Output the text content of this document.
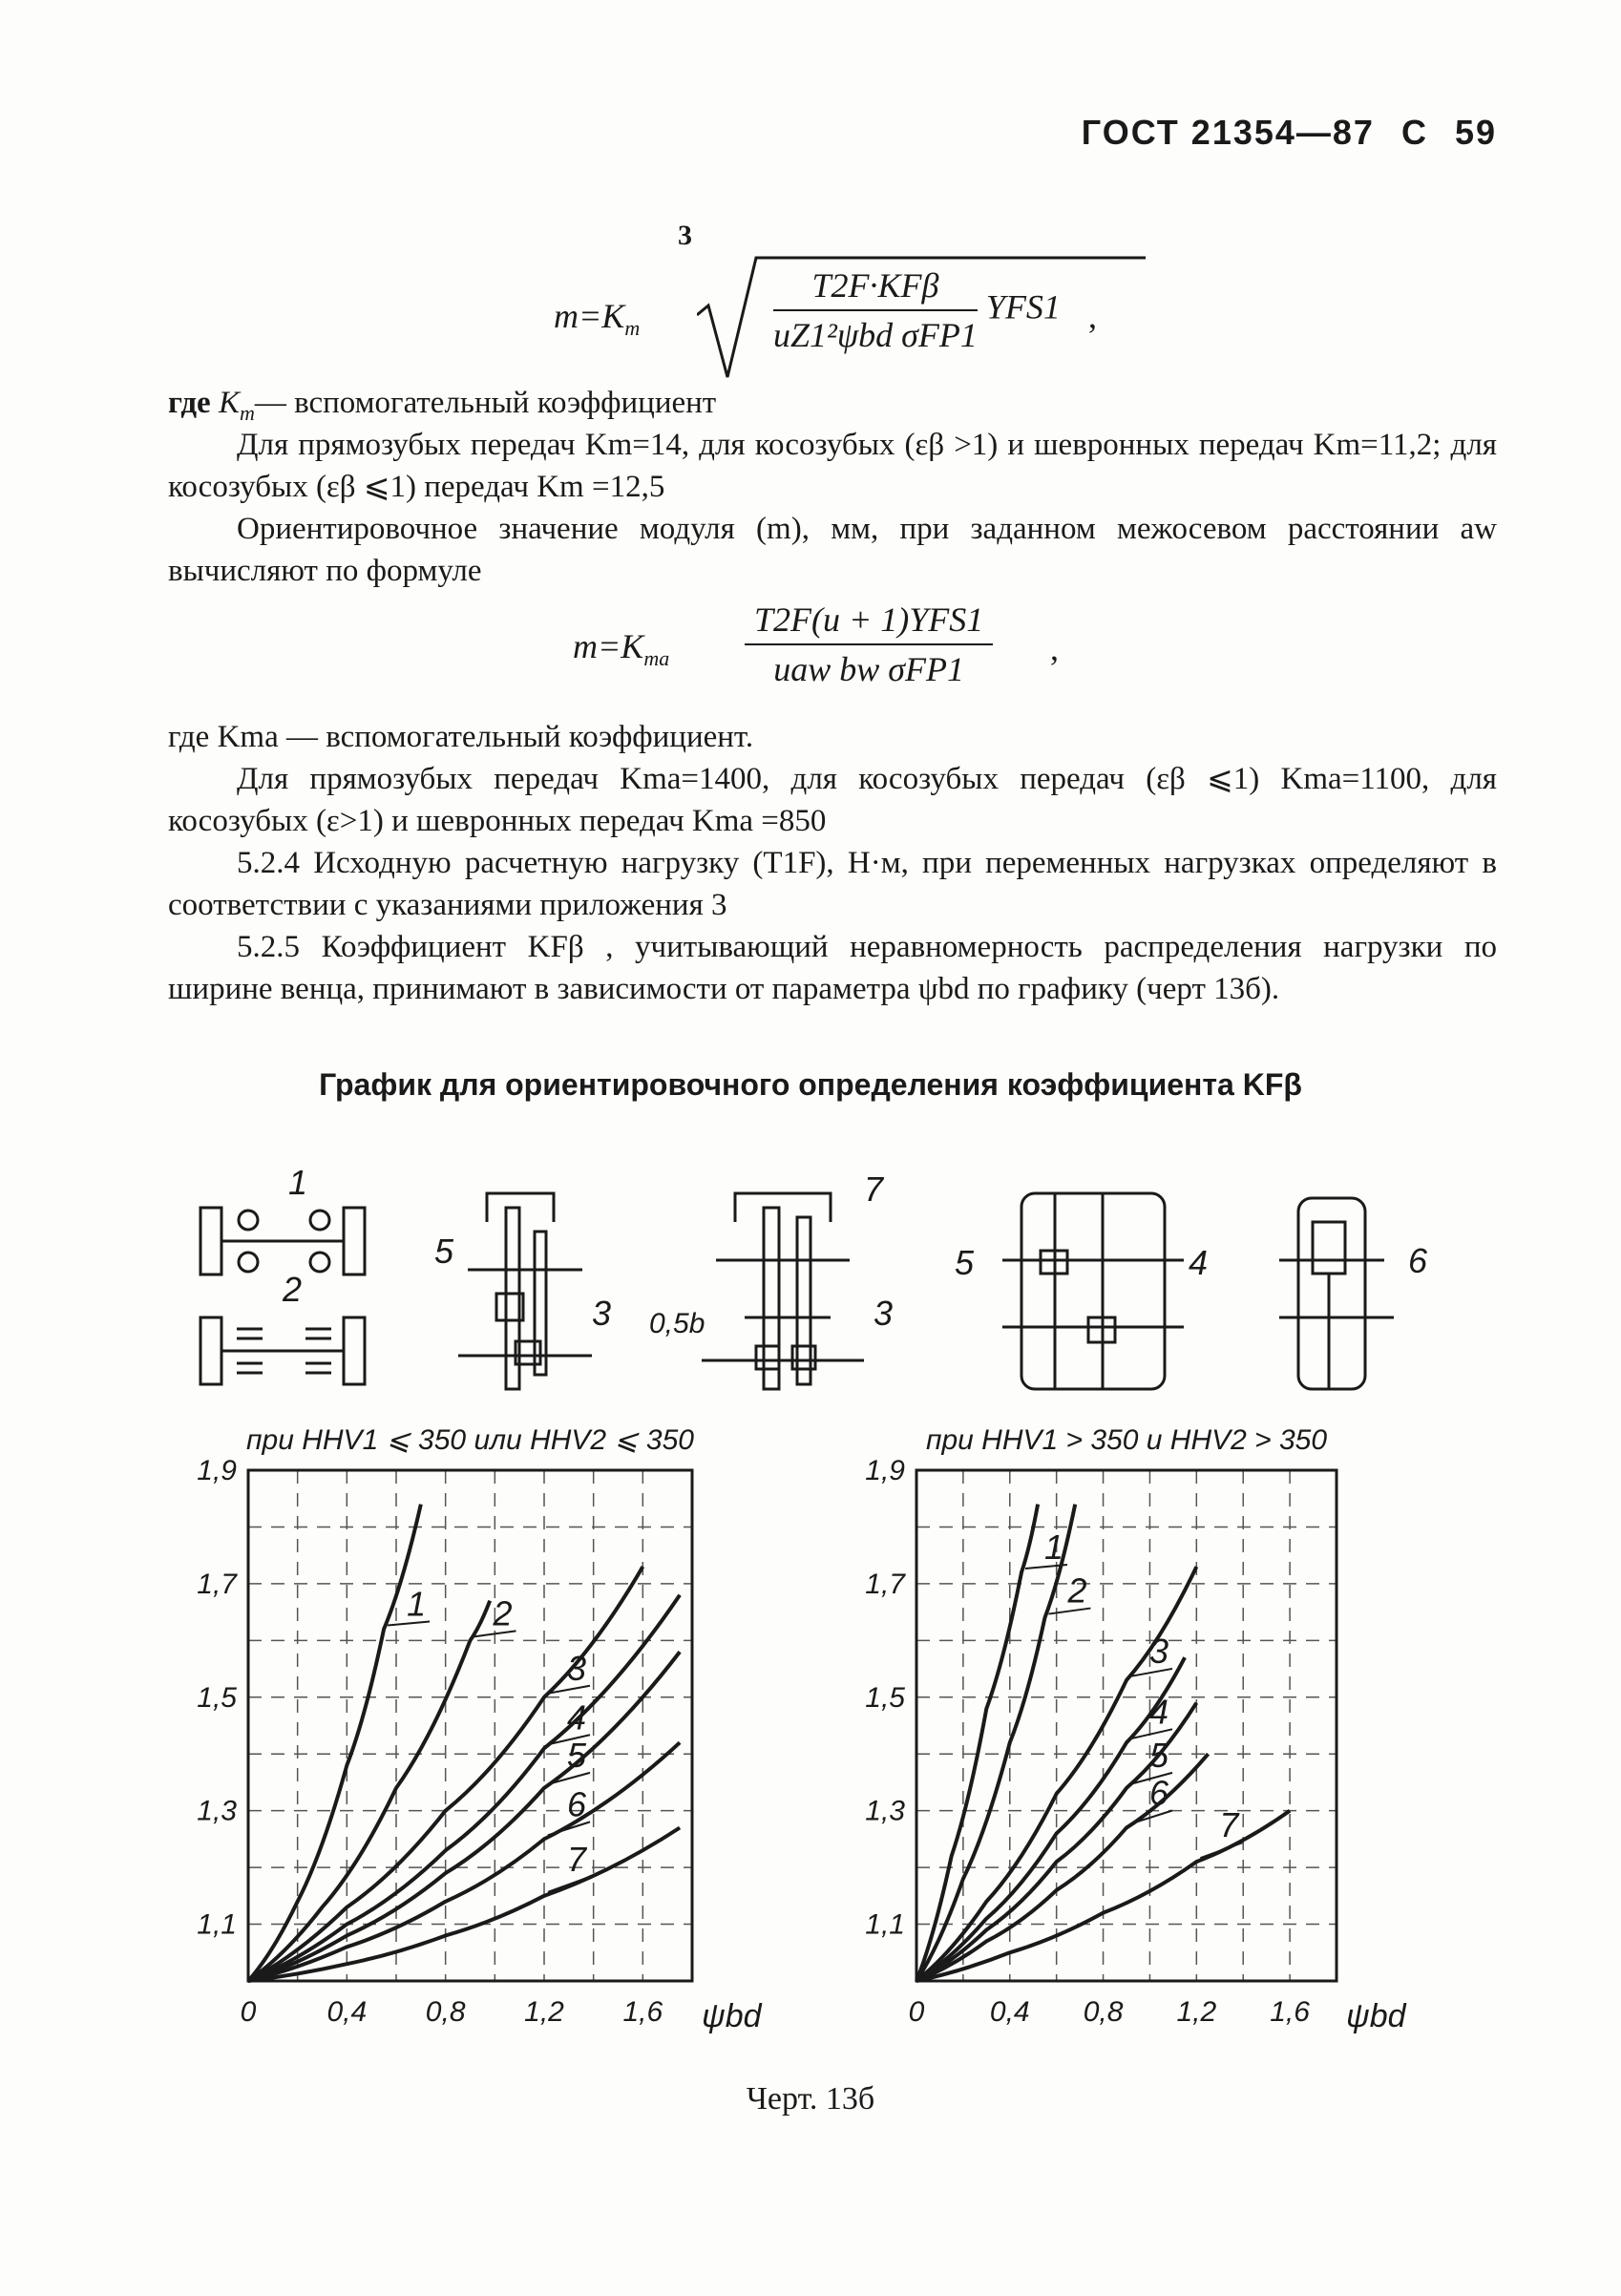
ГОСТ 21354—87 С 59
3
$m=K_m$	$\frac{\text{T2F·KFβ}}{\text{uZ1²ψbd σFP1}} YFS1$ ,
где $K_m—$ вспомогательный коэффициент
Для прямозубых передач Km=14, для косозубых (εβ >1) и шевронных передач Km=11,2; для косозубых (εβ ⩽1) передач Km =12,5
Ориентировочное значение модуля (m), мм, при заданном межосевом расстоянии aw вычисляют по формуле
$m=K_{ma}$
T2F(u + 1)YFS1
uaw bw σFP1
,
где Kma — вспомогательный коэффициент.
Для прямозубых передач Kma=1400, для косозубых передач (εβ ⩽1) Kma=1100, для косозубых (ε>1) и шевронных передач Kma =850
5.2.4 Исходную расчетную нагрузку (T1F), Н·м, при переменных нагрузках определяют в соответствии с указаниями приложения 3
5.2.5 Коэффициент KFβ , учитывающий неравномерность распределения нагрузки по ширине венца, принимают в зависимости от параметра ψbd по графику (черт 13б).
График для ориентировочного определения коэффициента KFβ
1
2
5
3
7
0,5b	3
5	4	6
при HHV1 ⩽ 350 или HHV2 ⩽ 350
0 0,4 0,8 1,2 1,6
1,9
1,7
1,5
1,3
1,1
ψbd
1 2
3
4
5
6
7
при HHV1 > 350 и HHV2 > 350
0 0,4 0,8 1,2 1,6
1,9
1,7
1,5
1,3
1,1
ψbd
1
2
3
4
5
6
7
Черт. 13б
